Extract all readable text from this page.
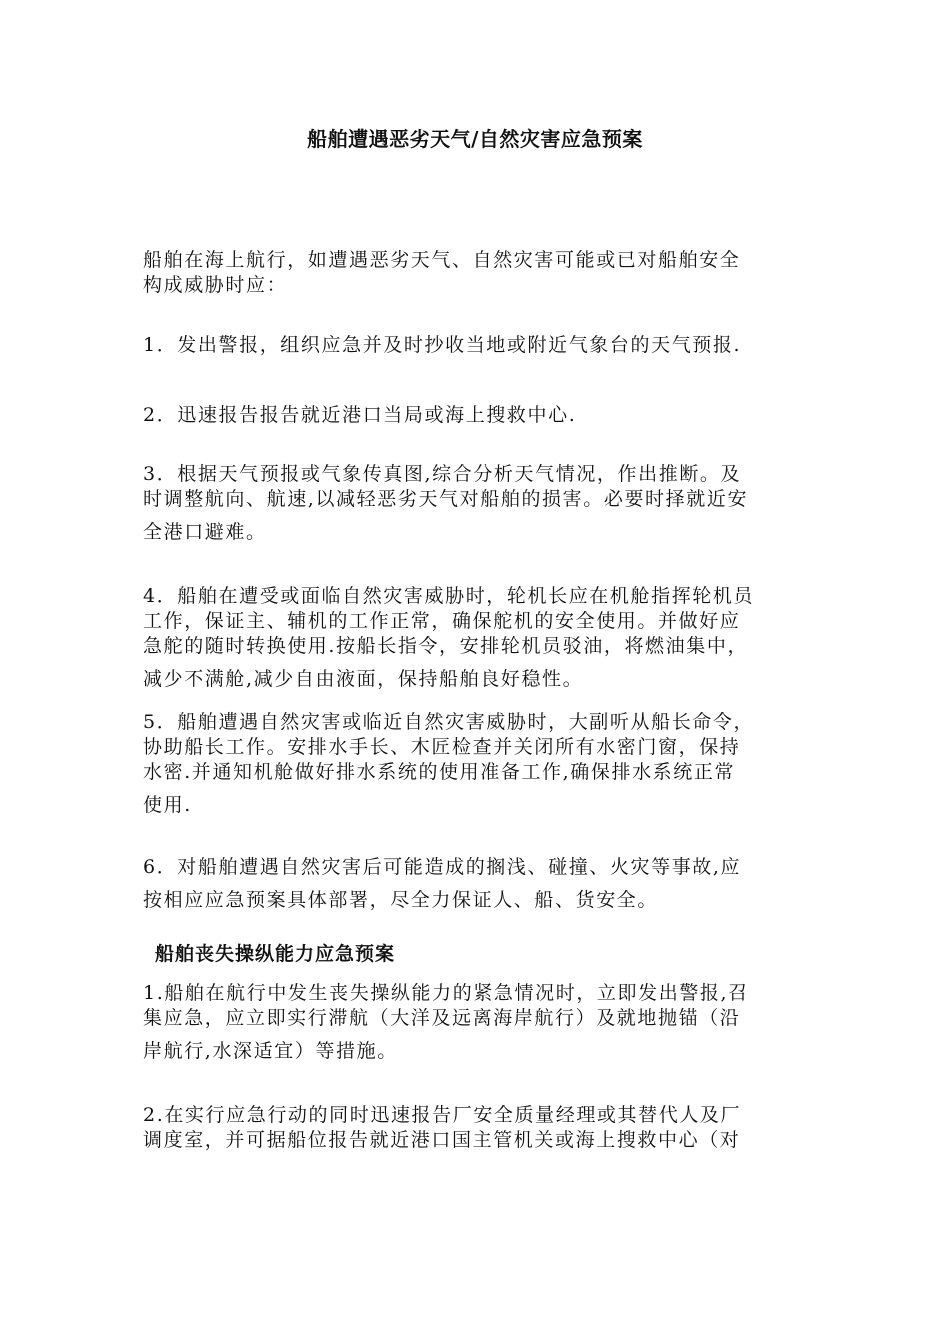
船舶遭遇恶劣天气/自然灾害应急预案

船舶在海上航行，如遭遇恶劣天气、自然灾害可能或已对船舶安全
构成威胁时应：

1．发出警报，组织应急并及时抄收当地或附近气象台的天气预报.

2．迅速报告报告就近港口当局或海上搜救中心.

3．根据天气预报或气象传真图,综合分析天气情况，作出推断。及
时调整航向、航速,以减轻恶劣天气对船舶的损害。必要时择就近安
全港口避难。

4．船舶在遭受或面临自然灾害威胁时，轮机长应在机舱指挥轮机员
工作，保证主、辅机的工作正常，确保舵机的安全使用。并做好应
急舵的随时转换使用.按船长指令，安排轮机员驳油，将燃油集中，
减少不满舱,减少自由液面，保持船舶良好稳性。

5．船舶遭遇自然灾害或临近自然灾害威胁时，大副听从船长命令，
协助船长工作。安排水手长、木匠检查并关闭所有水密门窗，保持
水密.并通知机舱做好排水系统的使用准备工作,确保排水系统正常
使用.

6．对船舶遭遇自然灾害后可能造成的搁浅、碰撞、火灾等事故,应
按相应应急预案具体部署，尽全力保证人、船、货安全。

船舶丧失操纵能力应急预案

1.船舶在航行中发生丧失操纵能力的紧急情况时，立即发出警报,召
集应急，应立即实行滞航（大洋及远离海岸航行）及就地抛锚（沿
岸航行,水深适宜）等措施。

2.在实行应急行动的同时迅速报告厂安全质量经理或其替代人及厂
调度室，并可据船位报告就近港口国主管机关或海上搜救中心（对
